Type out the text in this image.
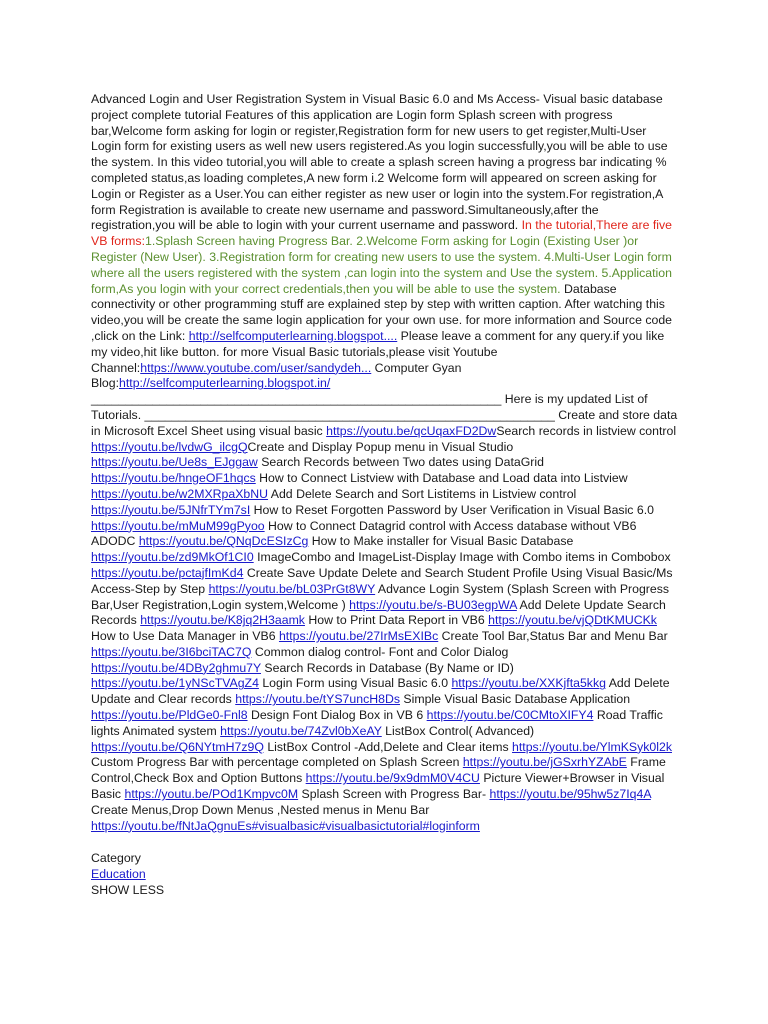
Advanced Login and User Registration System in Visual Basic 6.0 and Ms Access- Visual basic database project complete tutorial Features of this application are Login form Splash screen with progress bar,Welcome form asking for login or register,Registration form for new users to get register,Multi-User Login form for existing users as well new users registered.As you login successfully,you will be able to use the system. In this video tutorial,you will able to create a splash screen having a progress bar indicating % completed status,as loading completes,A new form i.2 Welcome form will appeared on screen asking for Login or Register as a User.You can either register as new user or login into the system.For registration,A form Registration is available to create new username and password.Simultaneously,after the registration,you will be able to login with your current username and password. In the tutorial,There are five VB forms:1.Splash Screen having Progress Bar. 2.Welcome Form asking for Login (Existing User )or Register (New User). 3.Registration form for creating new users to use the system. 4.Multi-User Login form where all the users registered with the system ,can login into the system and Use the system. 5.Application form,As you login with your correct credentials,then you will be able to use the system. Database connectivity or other programming stuff are explained step by step with written caption. After watching this video,you will be create the same login application for your own use. for more information and Source code ,click on the Link: http://selfcomputerlearning.blogspot.... Please leave a comment for any query.if you like my video,hit like button. for more Visual Basic tutorials,please visit Youtube Channel:https://www.youtube.com/user/sandydeh... Computer Gyan Blog:http://selfcomputerlearning.blogspot.in/ ____________________________________________________________ Here is my updated List of Tutorials. ____________________________________________________________ Create and store data in Microsoft Excel Sheet using visual basic https://youtu.be/qcUqaxFD2DwSearch records in listview control https://youtu.be/lvdwG_ilcgQCreate and Display Popup menu in Visual Studio https://youtu.be/Ue8s_EJggaw Search Records between Two dates using DataGrid https://youtu.be/hngeOF1hqcs How to Connect Listview with Database and Load data into Listview https://youtu.be/w2MXRpaXbNU Add Delete Search and Sort Listitems in Listview control https://youtu.be/5JNfrTYm7sI How to Reset Forgotten Password by User Verification in Visual Basic 6.0 https://youtu.be/mMuM99gPyoo How to Connect Datagrid control with Access database without VB6 ADODC https://youtu.be/QNqDcESIzCg How to Make installer for Visual Basic Database https://youtu.be/zd9MkOf1CI0 ImageCombo and ImageList-Display Image with Combo items in Combobox https://youtu.be/pctajfImKd4 Create Save Update Delete and Search Student Profile Using Visual Basic/Ms Access-Step by Step https://youtu.be/bL03PrGt8WY Advance Login System (Splash Screen with Progress Bar,User Registration,Login system,Welcome ) https://youtu.be/s-BU03egpWA Add Delete Update Search Records https://youtu.be/K8jq2H3aamk How to Print Data Report in VB6 https://youtu.be/vjQDtKMUCKk How to Use Data Manager in VB6 https://youtu.be/27IrMsEXIBc Create Tool Bar,Status Bar and Menu Bar https://youtu.be/3I6bciTAC7Q Common dialog control- Font and Color Dialog https://youtu.be/4DBy2ghmu7Y Search Records in Database (By Name or ID) https://youtu.be/1yNScTVAgZ4 Login Form using Visual Basic 6.0 https://youtu.be/XXKjfta5kkg Add Delete Update and Clear records https://youtu.be/tYS7uncH8Ds Simple Visual Basic Database Application https://youtu.be/PldGe0-Fnl8 Design Font Dialog Box in VB 6 https://youtu.be/C0CMtoXIFY4 Road Traffic lights Animated system https://youtu.be/74Zvl0bXeAY ListBox Control( Advanced) https://youtu.be/Q6NYtmH7z9Q ListBox Control -Add,Delete and Clear items https://youtu.be/YlmKSyk0l2k Custom Progress Bar with percentage completed on Splash Screen https://youtu.be/jGSxrhYZAbE Frame Control,Check Box and Option Buttons https://youtu.be/9x9dmM0V4CU Picture Viewer+Browser in Visual Basic https://youtu.be/POd1Kmpvc0M Splash Screen with Progress Bar- https://youtu.be/95hw5z7Iq4A Create Menus,Drop Down Menus ,Nested menus in Menu Bar https://youtu.be/fNtJaQgnuEs#visualbasic#visualbasictutorial#loginform

Category
Education
SHOW LESS
